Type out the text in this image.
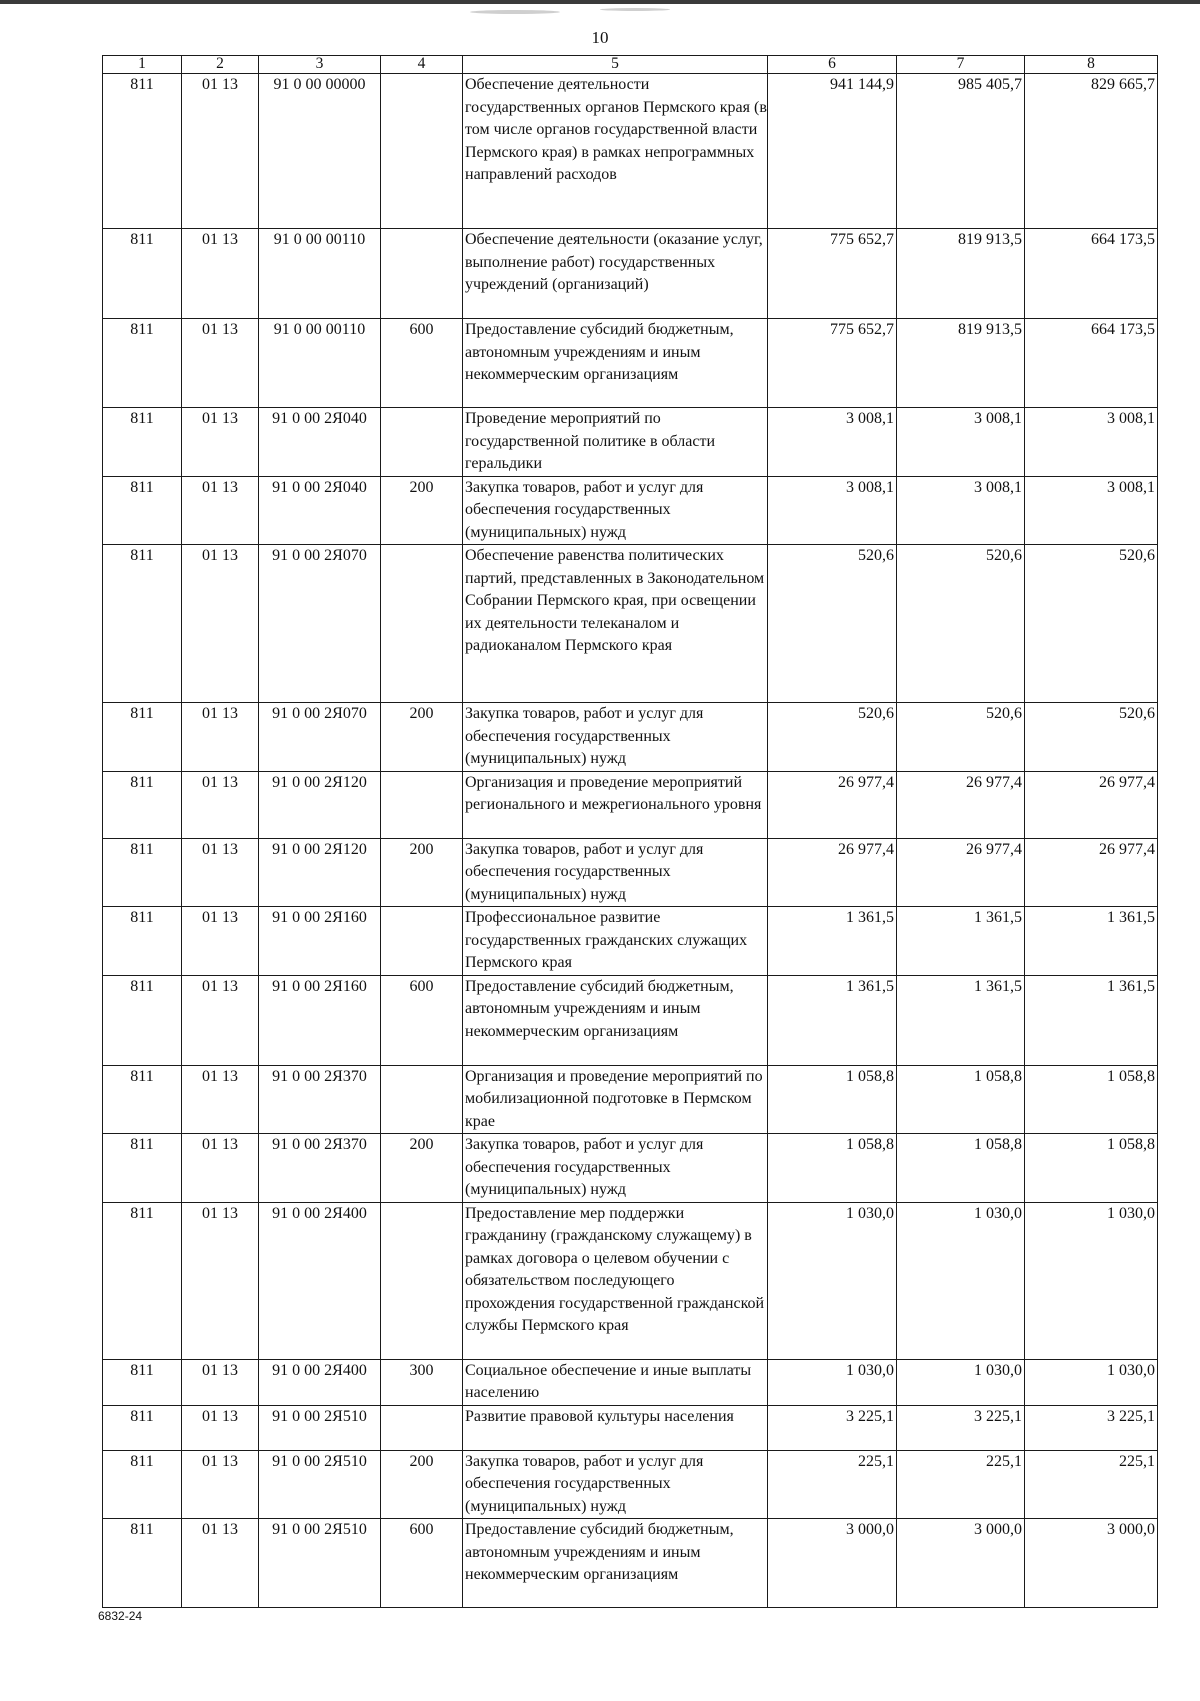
10
1	2	3	4	5	6	7	8
811	01 13	91 0 00 00000		Обеспечение деятельности государственных органов Пермского края (в том числе органов государственной власти Пермского края) в рамках непрограммных направлений расходов	941 144,9	985 405,7	829 665,7
811	01 13	91 0 00 00110		Обеспечение деятельности (оказание услуг, выполнение работ) государственных учреждений (организаций)	775 652,7	819 913,5	664 173,5
811	01 13	91 0 00 00110	600	Предоставление субсидий бюджетным, автономным учреждениям и иным некоммерческим организациям	775 652,7	819 913,5	664 173,5
811	01 13	91 0 00 2Я040		Проведение мероприятий по государственной политике в области геральдики	3 008,1	3 008,1	3 008,1
811	01 13	91 0 00 2Я040	200	Закупка товаров, работ и услуг для обеспечения государственных (муниципальных) нужд	3 008,1	3 008,1	3 008,1
811	01 13	91 0 00 2Я070		Обеспечение равенства политических партий, представленных в Законодательном Собрании Пермского края, при освещении их деятельности телеканалом и радиоканалом Пермского края	520,6	520,6	520,6
811	01 13	91 0 00 2Я070	200	Закупка товаров, работ и услуг для обеспечения государственных (муниципальных) нужд	520,6	520,6	520,6
811	01 13	91 0 00 2Я120		Организация и проведение мероприятий регионального и межрегионального уровня	26 977,4	26 977,4	26 977,4
811	01 13	91 0 00 2Я120	200	Закупка товаров, работ и услуг для обеспечения государственных (муниципальных) нужд	26 977,4	26 977,4	26 977,4
811	01 13	91 0 00 2Я160		Профессиональное развитие государственных гражданских служащих Пермского края	1 361,5	1 361,5	1 361,5
811	01 13	91 0 00 2Я160	600	Предоставление субсидий бюджетным, автономным учреждениям и иным некоммерческим организациям	1 361,5	1 361,5	1 361,5
811	01 13	91 0 00 2Я370		Организация и проведение мероприятий по мобилизационной подготовке в Пермском крае	1 058,8	1 058,8	1 058,8
811	01 13	91 0 00 2Я370	200	Закупка товаров, работ и услуг для обеспечения государственных (муниципальных) нужд	1 058,8	1 058,8	1 058,8
811	01 13	91 0 00 2Я400		Предоставление мер поддержки гражданину (гражданскому служащему) в рамках договора о целевом обучении с обязательством последующего прохождения государственной гражданской службы Пермского края	1 030,0	1 030,0	1 030,0
811	01 13	91 0 00 2Я400	300	Социальное обеспечение и иные выплаты населению	1 030,0	1 030,0	1 030,0
811	01 13	91 0 00 2Я510		Развитие правовой культуры населения	3 225,1	3 225,1	3 225,1
811	01 13	91 0 00 2Я510	200	Закупка товаров, работ и услуг для обеспечения государственных (муниципальных) нужд	225,1	225,1	225,1
811	01 13	91 0 00 2Я510	600	Предоставление субсидий бюджетным, автономным учреждениям и иным некоммерческим организациям	3 000,0	3 000,0	3 000,0
6832-24
